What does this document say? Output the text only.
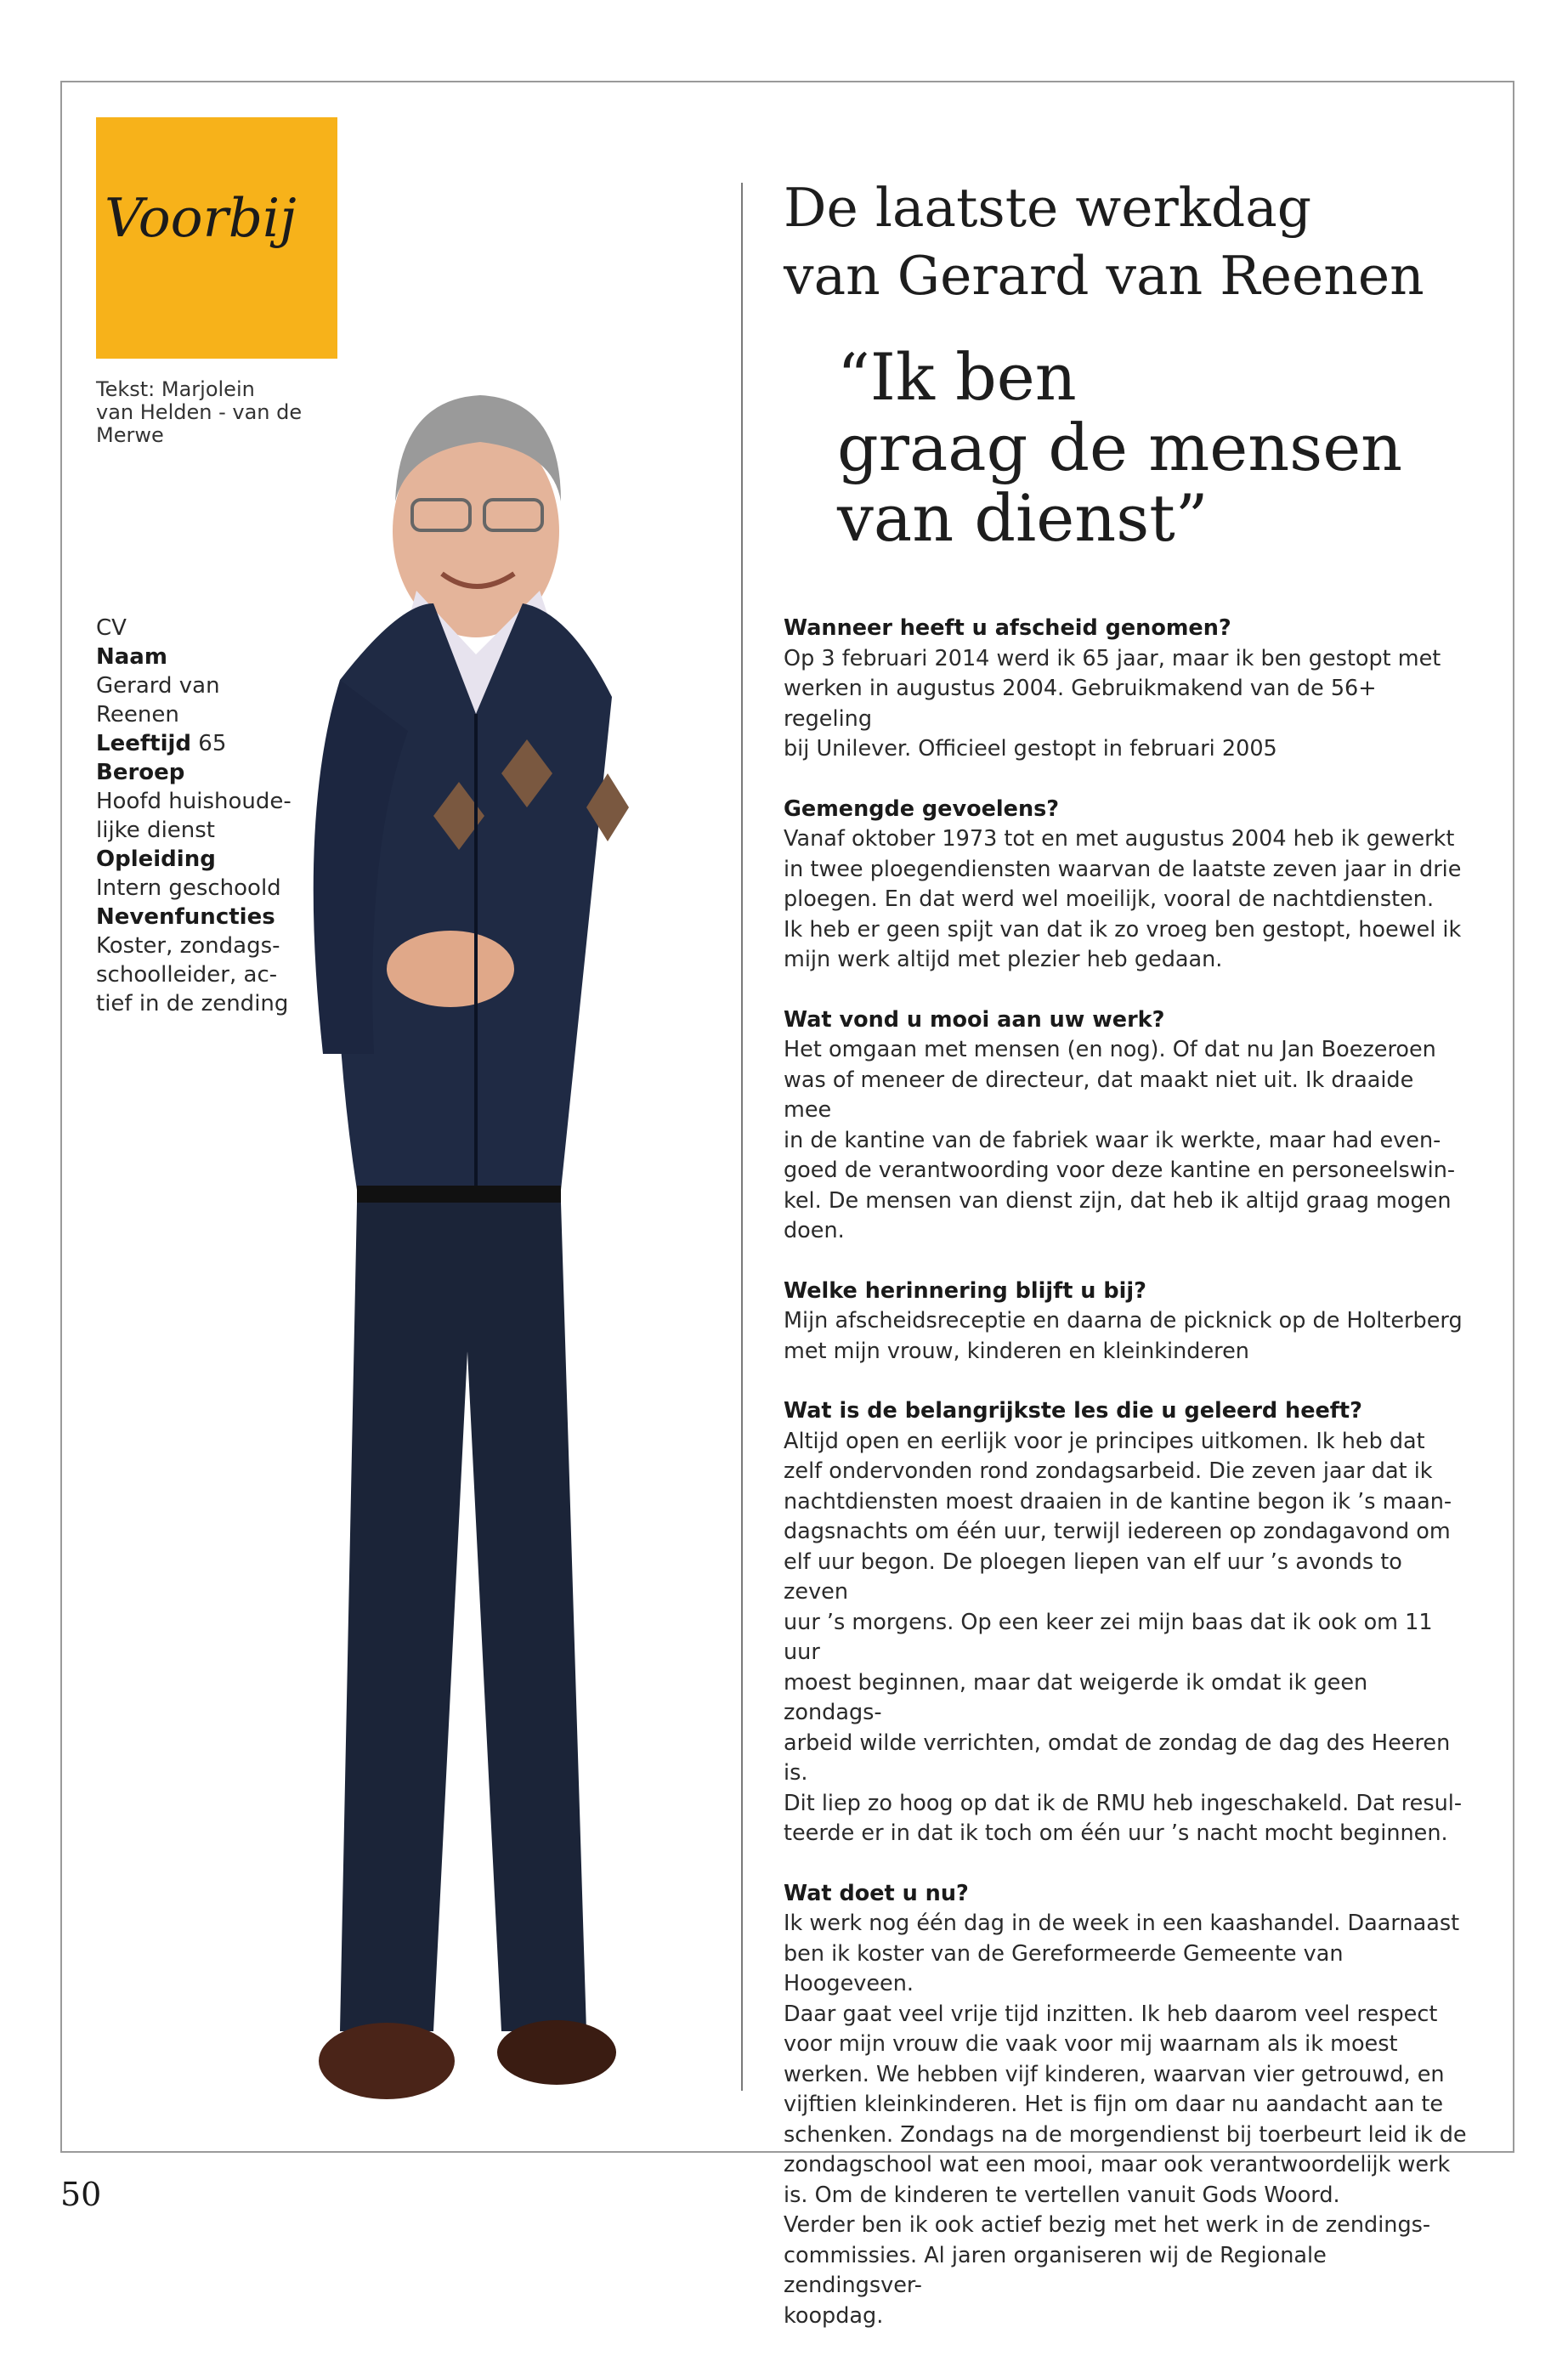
Voorbij
Tekst: Marjolein
van Helden - van de
Merwe
CV
Naam
Gerard van Reenen
Leeftijd 65
Beroep
Hoofd huishoude-
lijke dienst
Opleiding
Intern geschoold
Nevenfuncties
Koster, zondags-
schoolleider, ac-
tief in de zending
De laatste werkdag
van Gerard van Reenen
“Ik ben
graag de mensen
van dienst”
Wanneer heeft u afscheid genomen?
Op 3 februari 2014 werd ik 65 jaar, maar ik ben gestopt met
werken in augustus 2004. Gebruikmakend van de 56+ regeling
bij Unilever. Officieel gestopt in februari 2005
Gemengde gevoelens?
Vanaf oktober 1973 tot en met augustus 2004 heb ik gewerkt
in twee ploegendiensten waarvan de laatste zeven jaar in drie
ploegen. En dat werd wel moeilijk, vooral de nachtdiensten.
Ik heb er geen spijt van dat ik zo vroeg ben gestopt, hoewel ik
mijn werk altijd met plezier heb gedaan.
Wat vond u mooi aan uw werk?
Het omgaan met mensen (en nog). Of dat nu Jan Boezeroen
was of meneer de directeur, dat maakt niet uit. Ik draaide mee
in de kantine van de fabriek waar ik werkte, maar had even-
goed de verantwoording voor deze kantine en personeelswin-
kel. De mensen van dienst zijn, dat heb ik altijd graag mogen
doen.
Welke herinnering blijft u bij?
Mijn afscheidsreceptie en daarna de picknick op de Holterberg
met mijn vrouw, kinderen en kleinkinderen
Wat is de belangrijkste les die u geleerd heeft?
Altijd open en eerlijk voor je principes uitkomen. Ik heb dat
zelf ondervonden rond zondagsarbeid. Die zeven jaar dat ik
nachtdiensten moest draaien in de kantine begon ik ’s maan-
dagsnachts om één uur, terwijl iedereen op zondagavond om
elf uur begon. De ploegen liepen van elf uur ’s avonds to zeven
uur ’s morgens. Op een keer zei mijn baas dat ik ook om 11 uur
moest beginnen, maar dat weigerde ik omdat ik geen zondags-
arbeid wilde verrichten, omdat de zondag de dag des Heeren is.
Dit liep zo hoog op dat ik de RMU heb ingeschakeld. Dat resul-
teerde er in dat ik toch om één uur ’s nacht mocht beginnen.
Wat doet u nu?
Ik werk nog één dag in de week in een kaashandel. Daarnaast
ben ik koster van de Gereformeerde Gemeente van Hoogeveen.
Daar gaat veel vrije tijd inzitten. Ik heb daarom veel respect
voor mijn vrouw die vaak voor mij waarnam als ik moest
werken. We hebben vijf kinderen, waarvan vier getrouwd, en
vijftien kleinkinderen. Het is fijn om daar nu aandacht aan te
schenken. Zondags na de morgendienst bij toerbeurt leid ik de
zondagschool wat een mooi, maar ook verantwoordelijk werk
is. Om de kinderen te vertellen vanuit Gods Woord.
Verder ben ik ook actief bezig met het werk in de zendings-
commissies. Al jaren organiseren wij de Regionale zendingsver-
koopdag.
50
